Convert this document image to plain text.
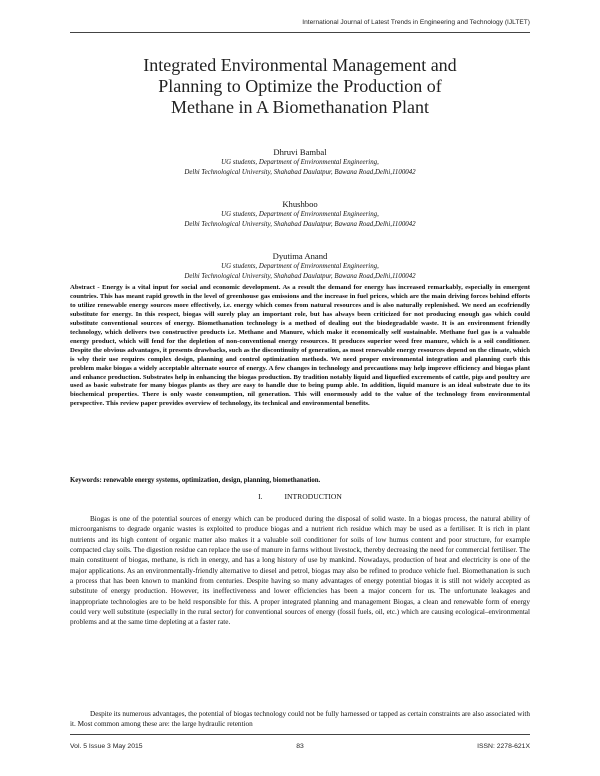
International Journal of Latest Trends in Engineering and Technology (IJLTET)
Integrated Environmental Management and
Planning to Optimize the Production of
Methane in A Biomethanation Plant
Dhruvi Bambal
UG students, Department of Environmental Engineering,
Delhi Technological University, Shahabad Daulatpur, Bawana Road,Delhi,1100042
Khushboo
UG students, Department of Environmental Engineering,
Delhi Technological University, Shahabad Daulatpur, Bawana Road,Delhi,1100042
Dyutima Anand
UG students, Department of Environmental Engineering,
Delhi Technological University, Shahabad Daulatpur, Bawana Road,Delhi,1100042

Abstract - Energy is a vital input for social and economic development. As a result the demand for energy has increased remarkably, especially in emergent countries. This has meant rapid growth in the level of greenhouse gas emissions and the increase in fuel prices, which are the main driving forces behind efforts to utilize renewable energy sources more effectively, i.e. energy which comes from natural resources and is also naturally replenished. We need an ecofriendly substitute for energy. In this respect, biogas will surely play an important role, but has always been criticized for not producing enough gas which could substitute conventional sources of energy. Biomethanation technology is a method of dealing out the biodegradable waste. It is an environment friendly technology, which delivers two constructive products i.e. Methane and Manure, which make it economically self sustainable. Methane fuel gas is a valuable energy product, which will fend for the depletion of non-conventional energy resources. It produces superior weed free manure, which is a soil conditioner. Despite the obvious advantages, it presents drawbacks, such as the discontinuity of generation, as most renewable energy resources depend on the climate, which is why their use requires complex design, planning and control optimization methods. We need proper environmental integration and planning curb this problem make biogas a widely acceptable alternate source of energy. A few changes in technology and precautions may help improve efficiency and biogas plant and enhance production. Substrates help in enhancing the biogas production. By tradition notably liquid and liquefied excrements of cattle, pigs and poultry are used as basic substrate for many biogas plants as they are easy to handle due to being pump able. In addition, liquid manure is an ideal substrate due to its biochemical properties. There is only waste consumption, nil generation. This will enormously add to the value of the technology from environmental perspective. This review paper provides overview of technology, its technical and environmental benefits.

Keywords: renewable energy systems, optimization, design, planning, biomethanation.

I.	INTRODUCTION

Biogas is one of the potential sources of energy which can be produced during the disposal of solid waste. In a biogas process, the natural ability of microorganisms to degrade organic wastes is exploited to produce biogas and a nutrient rich residue which may be used as a fertiliser. It is rich in plant nutrients and its high content of organic matter also makes it a valuable soil conditioner for soils of low humus content and poor structure, for example compacted clay soils. The digestion residue can replace the use of manure in farms without livestock, thereby decreasing the need for commercial fertiliser. The main constituent of biogas, methane, is rich in energy, and has a long history of use by mankind. Nowadays, production of heat and electricity is one of the major applications. As an environmentally-friendly alternative to diesel and petrol, biogas may also be refined to produce vehicle fuel. Biomethanation is such a process that has been known to mankind from centuries. Despite having so many advantages of energy potential biogas it is still not widely accepted as substitute of energy production. However, its ineffectiveness and lower efficiencies has been a major concern for us. The unfortunate leakages and inappropriate technologies are to be held responsible for this. A proper integrated planning and management Biogas, a clean and renewable form of energy could very well substitute (especially in the rural sector) for conventional sources of energy (fossil fuels, oil, etc.) which are causing ecological–environmental problems and at the same time depleting at a faster rate.

Despite its numerous advantages, the potential of biogas technology could not be fully harnessed or tapped as certain constraints are also associated with it. Most common among these are: the large hydraulic retention

Vol. 5 Issue 3 May 2015	83	ISSN: 2278-621X
